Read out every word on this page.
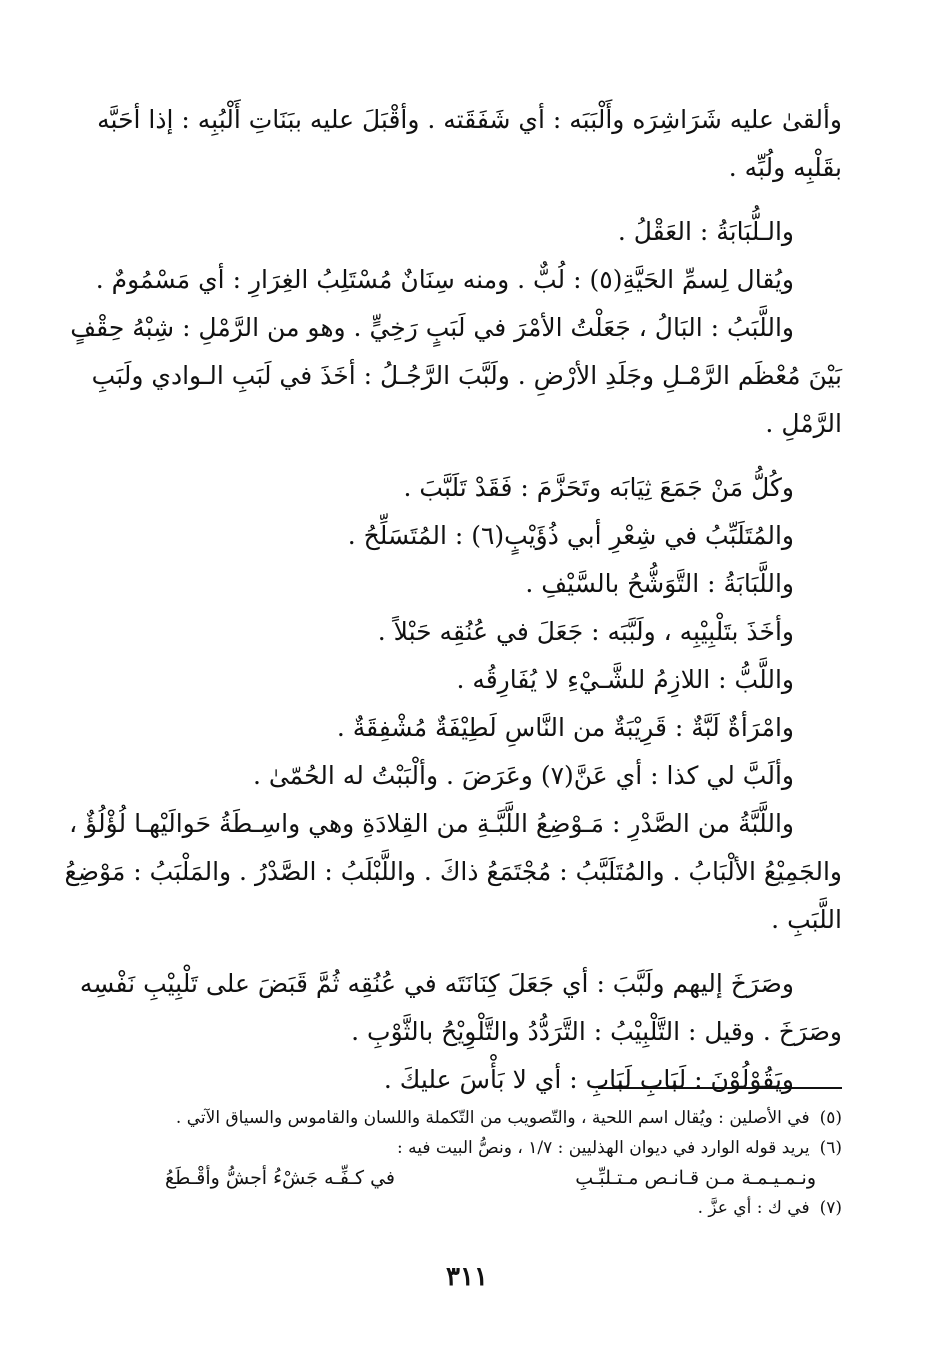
وألقىٰ عليه شَرَاشِرَه وأَلْبَبَه : أي شَفَقَته . وأقْبَلَ عليه ببَنَاتِ أَلْبُبِه : إذا أحَبَّه
بقَلْبِه ولُبِّه .
والـلُّبَابَةُ : العَقْلُ .
ويُقال لِسمِّ الحَيَّةِ(٥) : لُبٌّ . ومنه سِنَانٌ مُسْتَلِبُ الغِرَارِ : أي مَسْمُومٌ .
واللَّبَبُ : البَالُ ، جَعَلْتُ الأمْرَ في لَبَبٍ رَخِيٍّ . وهو من الرَّمْلِ : شِبْهُ حِقْفٍ
بَيْنَ مُعْظَم الرَّمْـلِ وجَلَدِ الأرْضِ . ولَبَّبَ الرَّجُـلُ : أخَذَ في لَبَبِ الـوادي ولَبَبِ
الرَّمْلِ .
وكُلُّ مَنْ جَمَعَ ثِيَابَه وتَحَزَّمَ : فَقَدْ تَلَبَّبَ .
والمُتَلَبِّبُ في شِعْرِ أبي ذُؤَيْبٍ(٦) : المُتَسَلِّحُ .
واللَّبَابَةُ : التَّوَشُّحُ بالسَّيْفِ .
وأخَذَ بتَلْبِيْبِه ، ولَبَّبَه : جَعَلَ في عُنُقِه حَبْلاً .
واللَّبُّ : اللازِمُ للشَّـيْءِ لا يُفَارِقُه .
وامْرَأةٌ لَبَّةٌ : قَرِيْبَةٌ من النَّاسِ لَطِيْفَةٌ مُشْفِقَةٌ .
وألَبَّ لي كذا : أي عَنَّ(٧) وعَرَضَ . وألْبَبْتُ له الحُمّىٰ .
واللَّبَّةُ من الصَّدْرِ : مَـوْضِعُ اللَّبَّـةِ من القِلادَةِ وهي واسِـطَةُ حَوالَيْهـا لُؤْلُؤٌ ،
والجَمِيْعُ الألْبَابُ . والمُتَلَبَّبُ : مُجْتَمَعُ ذاكَ . واللَّبْلَبُ : الصَّدْرُ . والمَلْبَبُ : مَوْضِعُ
اللَّبَبِ .
وصَرَخَ إليهم ولَبَّبَ : أي جَعَلَ كِنَانَتَه في عُنُقِه ثُمَّ قَبَضَ على تَلْبِيْبِ نَفْسِه
وصَرَخَ . وقيل : التَّلْبِيْبُ : التَّرَدُّدُ والتَّلْوِيْحُ بالثَّوْبِ .
ويَقُوْلُوْنَ : لَبَابِ لَبَابِ : أي لا بَأْسَ عليكَ .
(٥)في الأصلين : ويُقال اسم اللحية ، والتّصويب من التّكملة واللسان والقاموس والسياق الآتي .
(٦)يريد قوله الوارد في ديوان الهذليين : ١/٧ ، ونصُّ البيت فيه :
ونـمـيـمـة مـن قـانـص مـتـلبِّـبِ
في كـفِّـه جَشْءُ أجشُّ وأقْـطَعُ
(٧)في ك : أي عزَّ .
٣١١
